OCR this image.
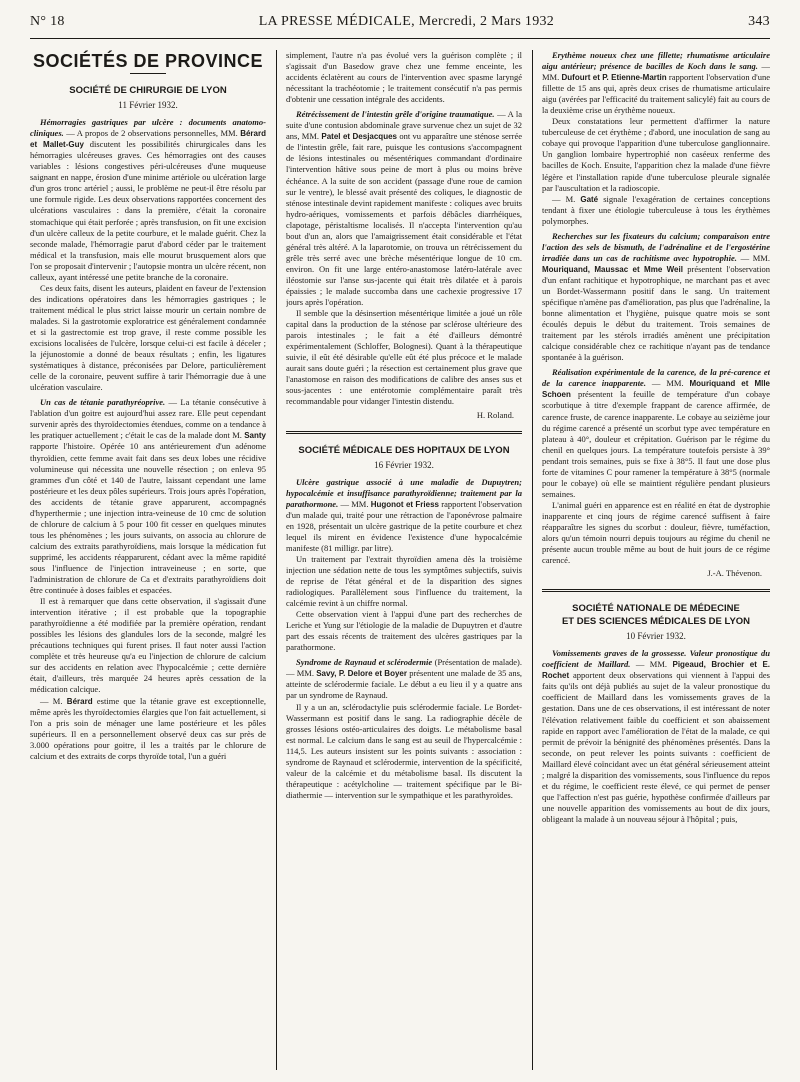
N° 18	LA PRESSE MÉDICALE, Mercredi, 2 Mars 1932	343
SOCIÉTÉS DE PROVINCE
SOCIÉTÉ DE CHIRURGIE DE LYON
11 Février 1932.

Hémorragies gastriques par ulcère : documents anatomo-cliniques. — A propos de 2 observations personnelles, MM. Bérard et Mallet-Guy discutent les possibilités chirurgicales dans les hémorragies ulcéreuses graves. Ces hémorragies ont des causes variables : lésions congestives péri-ulcéreuses d'une muqueuse saignant en nappe, érosion d'une minime artériole ou ulcération large d'un gros tronc artériel ; aussi, le problème ne peut-il être résolu par une formule rigide. Les deux observations rapportées concernent des ulcérations vasculaires : dans la première, c'était la coronaire stomachique qui était perforée ; après transfusion, on fit une excision d'un ulcère calleux de la petite courbure, et le malade guérit. Chez la seconde malade, l'hémorragie parut d'abord céder par le traitement médical et la transfusion, mais elle mourut brusquement alors que l'on se proposait d'intervenir ; l'autopsie montra un ulcère récent, non calleux, ayant intéressé une petite branche de la coronaire.

Ces deux faits, disent les auteurs, plaident en faveur de l'extension des indications opératoires dans les hémorragies gastriques ; le traitement médical le plus strict laisse mourir un certain nombre de malades. Si la gastrotomie exploratrice est généralement condamnée et si la gastrectomie est trop grave, il reste comme possible les excisions localisées de l'ulcère, lorsque celui-ci est facile à déceler ; la jéjunostomie a donné de beaux résultats ; enfin, les ligatures systématiques à distance, préconisées par Delore, particulièrement celle de la coronaire, peuvent suffire à tarir l'hémorragie due à une ulcération vasculaire.

Un cas de tétanie parathyréoprive. — La tétanie consécutive à l'ablation d'un goitre est aujourd'hui assez rare. Elle peut cependant survenir après des thyroïdectomies étendues, comme on a tendance à les pratiquer actuellement ; c'était le cas de la malade dont M. Santy rapporte l'histoire. Opérée 10 ans antérieurement d'un adénome thyroïdien, cette femme avait fait dans ses deux lobes une récidive volumineuse qui nécessita une nouvelle résection ; on enleva 95 grammes d'un côté et 140 de l'autre, laissant cependant une lame postérieure et les deux pôles supérieurs. Trois jours après l'opération, des accidents de tétanie grave apparurent, accompagnés d'hyperthermie ; une injection intra-veineuse de 10 cmc de solution de chlorure de calcium à 5 pour 100 fit cesser en quelques minutes tous les phénomènes ; les jours suivants, on associa au chlorure de calcium des extraits parathyroïdiens, mais lorsque la médication fut supprimé, les accidents réapparurent, cédant avec la même rapidité sous l'influence de l'injection intraveineuse ; en sorte, que l'administration de chlorure de Ca et d'extraits parathyroïdiens doit être continuée à doses faibles et espacées.

Il est à remarquer que dans cette observation, il s'agissait d'une intervention itérative ; il est probable que la topographie parathyroïdienne a été modifiée par la première opération, rendant possibles les lésions des glandules lors de la seconde, malgré les précautions techniques qui furent prises. Il faut noter aussi l'action complète et très heureuse qu'a eu l'injection de chlorure de calcium sur des accidents en relation avec l'hypocalcémie ; cette dernière était, d'ailleurs, très marquée 24 heures après cessation de la médication calcique.

— M. Bérard estime que la tétanie grave est exceptionnelle, même après les thyroïdectomies élargies que l'on fait actuellement, si l'on a pris soin de ménager une lame postérieure et les pôles supérieurs. Il en a personnellement observé deux cas sur près de 3.000 opérations pour goitre, il les a traités par le chlorure de calcium et des extraits de corps thyroïde total, l'un a guéri

simplement, l'autre n'a pas évolué vers la guérison complète ; il s'agissait d'un Basedow grave chez une femme enceinte, les accidents éclatèrent au cours de l'intervention avec spasme laryngé nécessitant la trachéotomie ; le traitement consécutif n'a pas permis d'obtenir une cessation intégrale des accidents.

Rétrécissement de l'intestin grêle d'origine traumatique. — A la suite d'une contusion abdominale grave survenue chez un sujet de 32 ans, MM. Patel et Desjacques ont vu apparaître une sténose serrée de l'intestin grêle, fait rare, puisque les contusions s'accompagnent de lésions intestinales ou mésentériques commandant d'ordinaire l'intervention hâtive sous peine de mort à plus ou moins brève échéance. A la suite de son accident (passage d'une roue de camion sur le ventre), le blessé avait présenté des coliques, le diagnostic de sténose intestinale devint rapidement manifeste : coliques avec bruits hydro-aériques, vomissements et parfois débâcles diarrhéiques, clapotage, péristaltisme localisés. Il n'accepta l'intervention qu'au bout d'un an, alors que l'amaigrissement était considérable et l'état général très altéré. A la laparotomie, on trouva un rétrécissement du grêle très serré avec une brèche mésentérique longue de 10 cm. environ. On fit une large entéro-anastomose latéro-latérale avec iléostomie sur l'anse sus-jacente qui était très dilatée et à parois épaissies ; le malade succomba dans une cachexie progressive 17 jours après l'opération.

Il semble que la désinsertion mésentérique limitée a joué un rôle capital dans la production de la sténose par sclérose ultérieure des parois intestinales ; le fait a été d'ailleurs démontré expérimentalement (Schloffer, Bolognesi). Quant à la thérapeutique suivie, il eût été désirable qu'elle eût été plus précoce et le malade aurait sans doute guéri ; la résection est certainement plus grave que l'anastomose en raison des modifications de calibre des anses sus et sous-jacentes : une entérotomie complémentaire paraît très recommandable pour vidanger l'intestin distendu.

H. Roland.
SOCIÉTÉ MÉDICALE DES HOPITAUX DE LYON
16 Février 1932.

Ulcère gastrique associé à une maladie de Dupuytren; hypocalcémie et insuffisance parathyroïdienne; traitement par la parathormone. — MM. Hugonot et Friess rapportent l'observation d'un malade qui, traité pour une rétraction de l'aponévrose palmaire en 1928, présentait un ulcère gastrique de la petite courbure et chez lequel ils mirent en évidence l'existence d'une hypocalcémie manifeste (81 milligr. par litre).

Un traitement par l'extrait thyroïdien amena dès la troisième injection une sédation nette de tous les symptômes subjectifs, suivis de reprise de l'état général et de la disparition des signes radiologiques. Parallèlement sous l'influence du traitement, la calcémie revint à un chiffre normal.

Cette observation vient à l'appui d'une part des recherches de Leriche et Yung sur l'étiologie de la maladie de Dupuytren et d'autre part des essais récents de traitement des ulcères gastriques par la parathormone.

Syndrome de Raynaud et sclérodermie (Présentation de malade). — MM. Savy, P. Delore et Boyer présentent une malade de 35 ans, atteinte de sclérodermie faciale. Le début a eu lieu il y a quatre ans par un syndrome de Raynaud.

Il y a un an, sclérodactylie puis sclérodermie faciale. Le Bordet-Wassermann est positif dans le sang. La radiographie décèle de grosses lésions ostéo-articulaires des doigts. Le métabolisme basal est normal. Le calcium dans le sang est au seuil de l'hypercalcémie : 114,5. Les auteurs insistent sur les points suivants : association : syndrome de Raynaud et sclérodermie, intervention de la spécificité, valeur de la calcémie et du métabolisme basal. Ils discutent la thérapeutique : acétylcholine — traitement spécifique par le Bi-diathermie — intervention sur le sympathique et les parathyroïdes.

Erythème noueux chez une fillette; rhumatisme articulaire aigu antérieur; présence de bacilles de Koch dans le sang. — MM. Dufourt et P. Etienne-Martin rapportent l'observation d'une fillette de 15 ans qui, après deux crises de rhumatisme articulaire aigu (avérées par l'efficacité du traitement salicylé) fait au cours de la deuxième crise un érythème noueux.

Deux constatations leur permettent d'affirmer la nature tuberculeuse de cet érythème ; d'abord, une inoculation de sang au cobaye qui provoque l'apparition d'une tuberculose ganglionnaire. Un ganglion lombaire hypertrophié non caséeux renferme des bacilles de Koch. Ensuite, l'apparition chez la malade d'une fièvre légère et l'installation rapide d'une tuberculose pleurale signalée par l'auscultation et la radioscopie.

— M. Gaté signale l'exagération de certaines conceptions tendant à fixer une étiologie tuberculeuse à tous les érythèmes polymorphes.

Recherches sur les fixateurs du calcium; comparaison entre l'action des sels de bismuth, de l'adrénaline et de l'ergostérine irradiée dans un cas de rachitisme avec hypotrophie. — MM. Mouriquand, Maussac et Mme Weil présentent l'observation d'un enfant rachitique et hypotrophique, ne marchant pas et avec un Bordet-Wassermann positif dans le sang. Un traitement spécifique n'amène pas d'amélioration, pas plus que l'adrénaline, la bonne alimentation et l'hygiène, puisque quatre mois se sont écoulés depuis le début du traitement. Trois semaines de traitement par les stérols irradiés amènent une précipitation calcique considérable chez ce rachitique n'ayant pas de tendance spontanée à la guérison.

Réalisation expérimentale de la carence, de la pré-carence et de la carence inapparente. — MM. Mouriquand et Mlle Schoen présentent la feuille de température d'un cobaye scorbutique à titre d'exemple frappant de carence affirmée, de carence fruste, de carence inapparente. Le cobaye au seizième jour du régime carencé a présenté un scorbut type avec température en plateau à 40°, douleur et crépitation. Guérison par le régime du chenil en quelques jours. La température toutefois persiste à 39° pendant trois semaines, puis se fixe à 38°5. Il faut une dose plus forte de vitamines C pour ramener la température à 38°5 (normale pour le cobaye) où elle se maintient régulière pendant plusieurs semaines.

L'animal guéri en apparence est en réalité en état de dystrophie inapparente et cinq jours de régime carencé suffisent à faire réapparaître les signes du scorbut : douleur, fièvre, tuméfaction, alors qu'un témoin nourri depuis toujours au régime du chenil ne présente aucun trouble même au bout de huit jours de ce régime carencé.

J.-A. Thévenon.
SOCIÉTÉ NATIONALE DE MÉDECINE
ET DES SCIENCES MÉDICALES DE LYON
10 Février 1932.

Vomissements graves de la grossesse. Valeur pronostique du coefficient de Maillard. — MM. Pigeaud, Brochier et E. Rochet apportent deux observations qui viennent à l'appui des faits qu'ils ont déjà publiés au sujet de la valeur pronostique du coefficient de Maillard dans les vomissements graves de la gestation. Dans une de ces observations, il est intéressant de noter l'élévation relativement faible du coefficient et son abaissement rapide en rapport avec l'amélioration de l'état de la malade, ce qui permit de prévoir la bénignité des phénomènes présentés. Dans la seconde, on peut relever les points suivants : coefficient de Maillard élevé coïncidant avec un état général sérieusement atteint ; malgré la disparition des vomissements, sous l'influence du repos et du régime, le coefficient reste élevé, ce qui permet de penser que l'affection n'est pas guérie, hypothèse confirmée d'ailleurs par une nouvelle apparition des vomissements au bout de dix jours, obligeant la malade à un nouveau séjour à l'hôpital ; puis,
